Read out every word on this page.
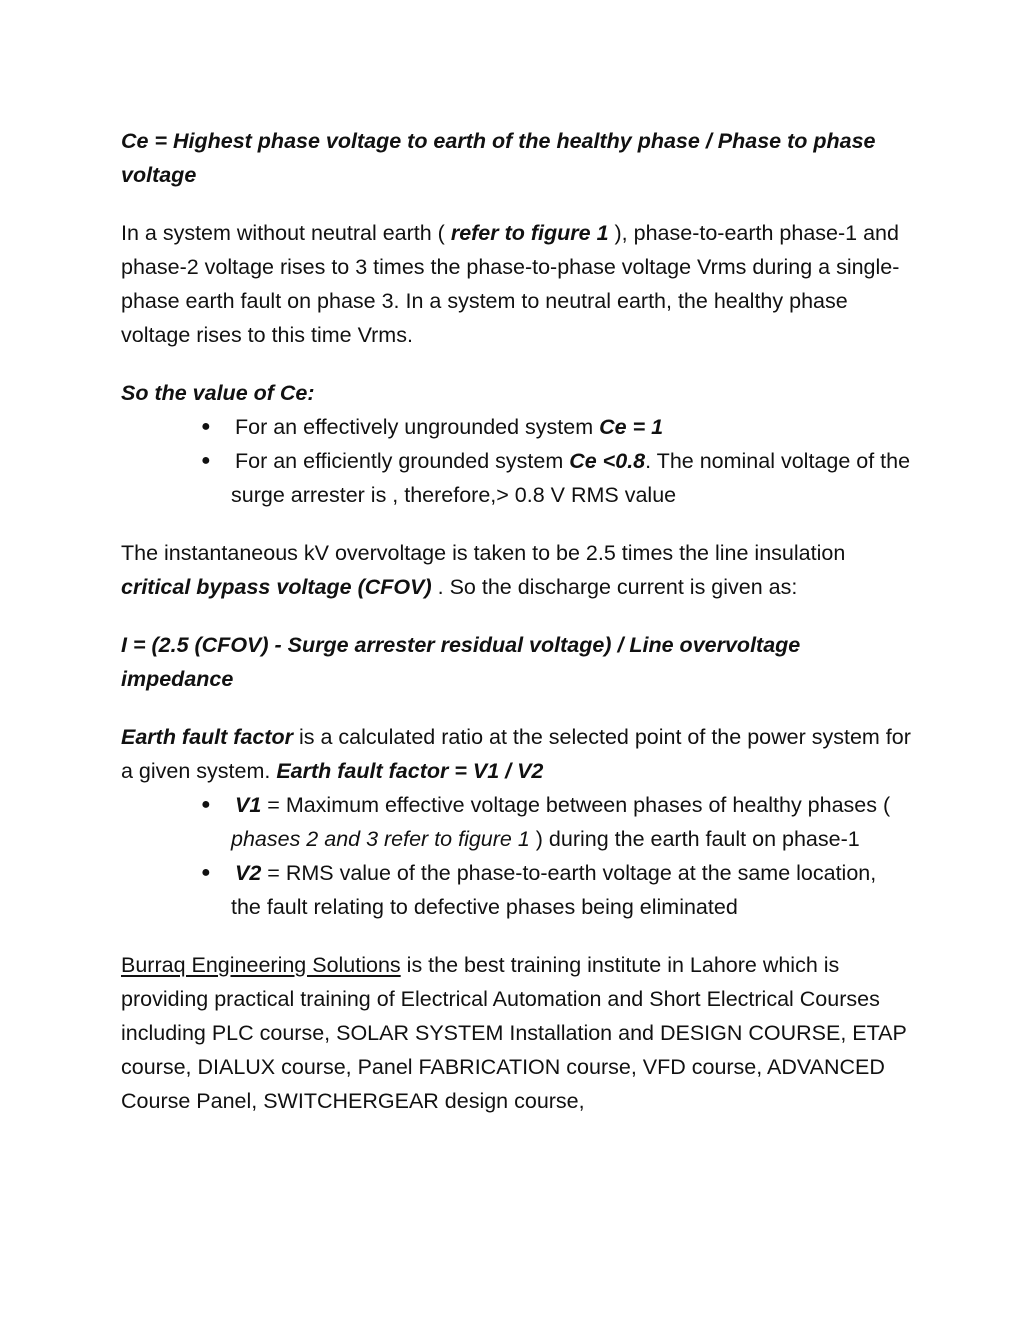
Ce = Highest phase voltage to earth of the healthy phase / Phase to phase voltage

In a system without neutral earth ( refer to figure 1 ), phase-to-earth phase-1 and phase-2 voltage rises to 3 times the phase-to-phase voltage Vrms during a single-phase earth fault on phase 3. In a system to neutral earth, the healthy phase voltage rises to this time Vrms.

So the value of Ce:

● For an effectively ungrounded system Ce = 1
● For an efficiently grounded system Ce <0.8. The nominal voltage of the surge arrester is , therefore,> 0.8 V RMS value

The instantaneous kV overvoltage is taken to be 2.5 times the line insulation critical bypass voltage (CFOV) . So the discharge current is given as:

I = (2.5 (CFOV) - Surge arrester residual voltage) / Line overvoltage impedance

Earth fault factor is a calculated ratio at the selected point of the power system for a given system. Earth fault factor = V1 / V2

● V1 = Maximum effective voltage between phases of healthy phases ( phases 2 and 3 refer to figure 1 ) during the earth fault on phase-1
● V2 = RMS value of the phase-to-earth voltage at the same location, the fault relating to defective phases being eliminated

Burraq Engineering Solutions is the best training institute in Lahore which is providing practical training of Electrical Automation and Short Electrical Courses including PLC course, SOLAR SYSTEM Installation and DESIGN COURSE, ETAP course, DIALUX course, Panel FABRICATION course, VFD course, ADVANCED Course Panel, SWITCHERGEAR design course,
